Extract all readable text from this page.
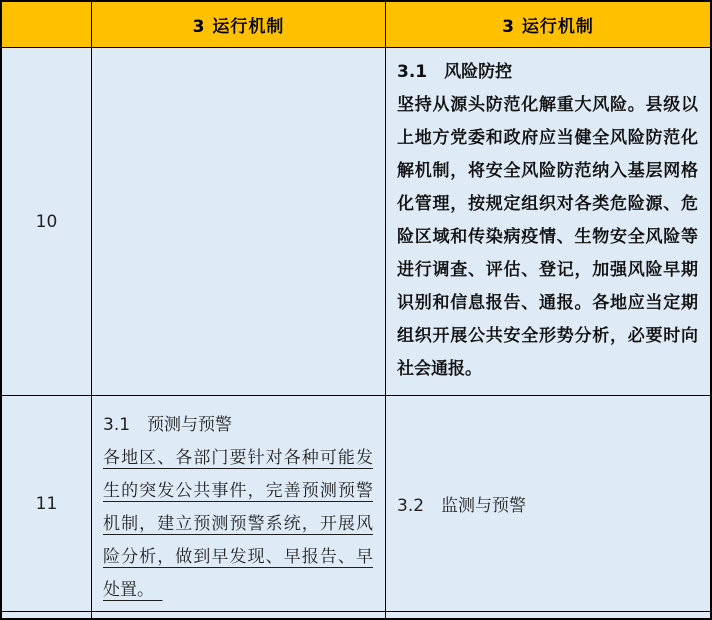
3 运行机制	3 运行机制
10
3.1　风险防控
坚持从源头防范化解重大风险。县级以上地方党委和政府应当健全风险防范化解机制，将安全风险防范纳入基层网格化管理，按规定组织对各类危险源、危险区域和传染病疫情、生物安全风险等进行调查、评估、登记，加强风险早期识别和信息报告、通报。各地应当定期组织开展公共安全形势分析，必要时向社会通报。
11
3.1　预测与预警
各地区、各部门要针对各种可能发生的突发公共事件，完善预测预警机制，建立预测预警系统，开展风险分析，做到早发现、早报告、早处置。　
3.2　监测与预警
